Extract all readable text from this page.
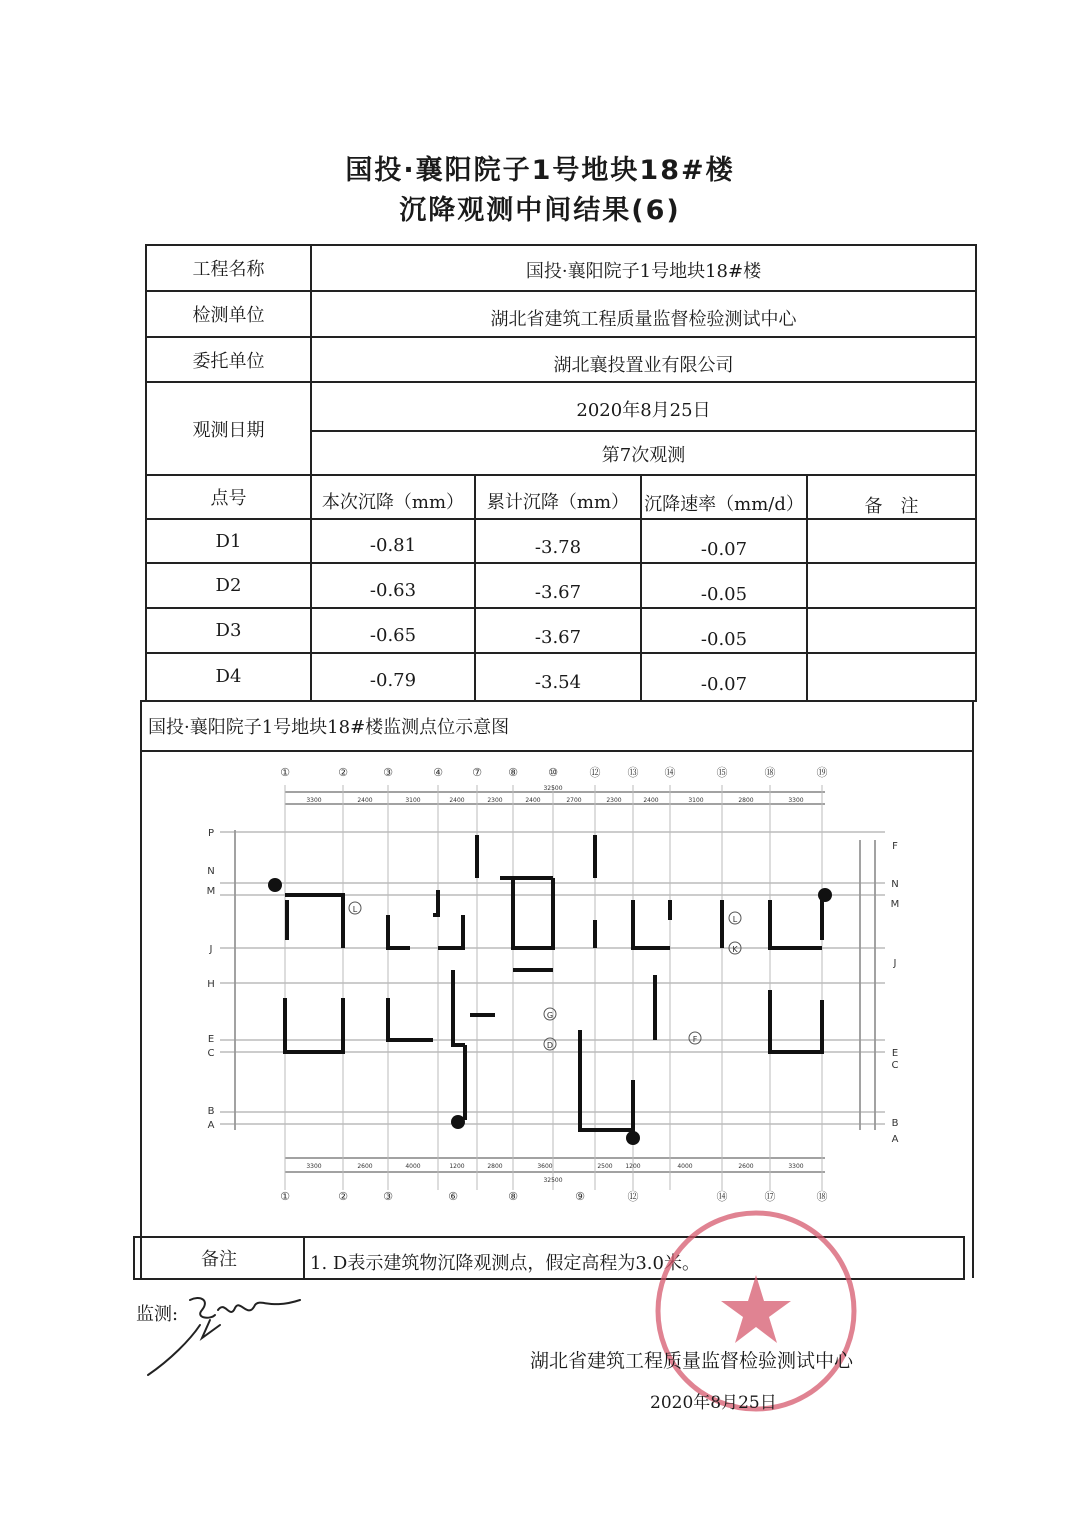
国投·襄阳院子1号地块18#楼
沉降观测中间结果(6)
工程名称	国投·襄阳院子1号地块18#楼
检测单位	湖北省建筑工程质量监督检验测试中心
委托单位	湖北襄投置业有限公司
观测日期
2020年8月25日
第7次观测
点号	本次沉降（mm）	累计沉降（mm） 沉降速率（mm/d）	备　注
D1	-0.81	-3.78	-0.07
D2	-0.63	-3.67	-0.05
D3	-0.65	-3.67	-0.05
D4	-0.79	-3.54	-0.07
国投·襄阳院子1号地块18#楼监测点位示意图
①	②	③	④	⑦ ⑧	⑩	⑫ ⑬ ⑭	⑮	⑱	⑲
①	②	③	⑥	⑧	⑨	⑫	⑭	⑰	⑱
P
N
M
J
H
E
C
B
A
F
N
M
J
E
C
B
A
3300	2400	3100	2400	2300	2400	2700	2300	2400	3100	2800	3300
3300	2600	4000	1200	2800	3600	2500 1200	4000	2600	3300
32500
32500
L
L
K
G
D
F
备注	1. D表示建筑物沉降观测点，假定高程为3.0米。
监测:
湖北省建筑工程质量监督检验测试中心
2020年8月25日
